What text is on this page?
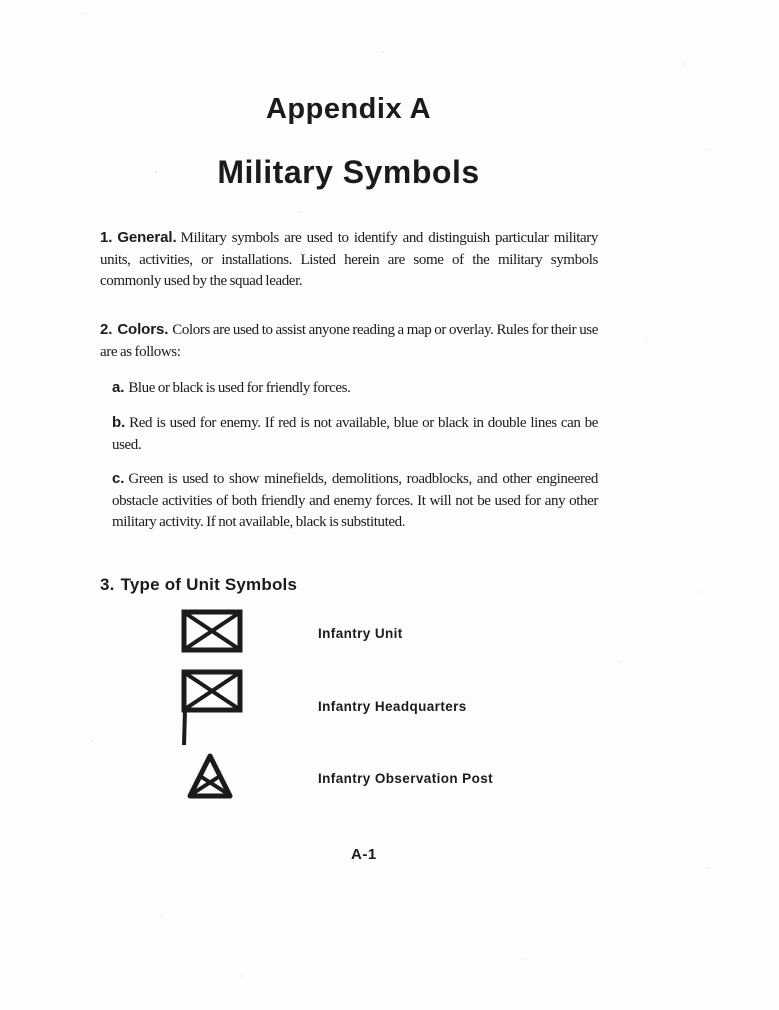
Appendix A
Military Symbols

1. General. Military symbols are used to identify and distinguish particular military units, activities, or installations. Listed herein are some of the military symbols commonly used by the squad leader.

2. Colors. Colors are used to assist anyone reading a map or overlay. Rules for their use are as follows:

a. Blue or black is used for friendly forces.

b. Red is used for enemy. If red is not available, blue or black in double lines can be used.

c. Green is used to show minefields, demolitions, roadblocks, and other engineered obstacle activities of both friendly and enemy forces. It will not be used for any other military activity. If not available, black is substituted.

3. Type of Unit Symbols
Infantry Unit
Infantry Headquarters
Infantry Observation Post
A-1
